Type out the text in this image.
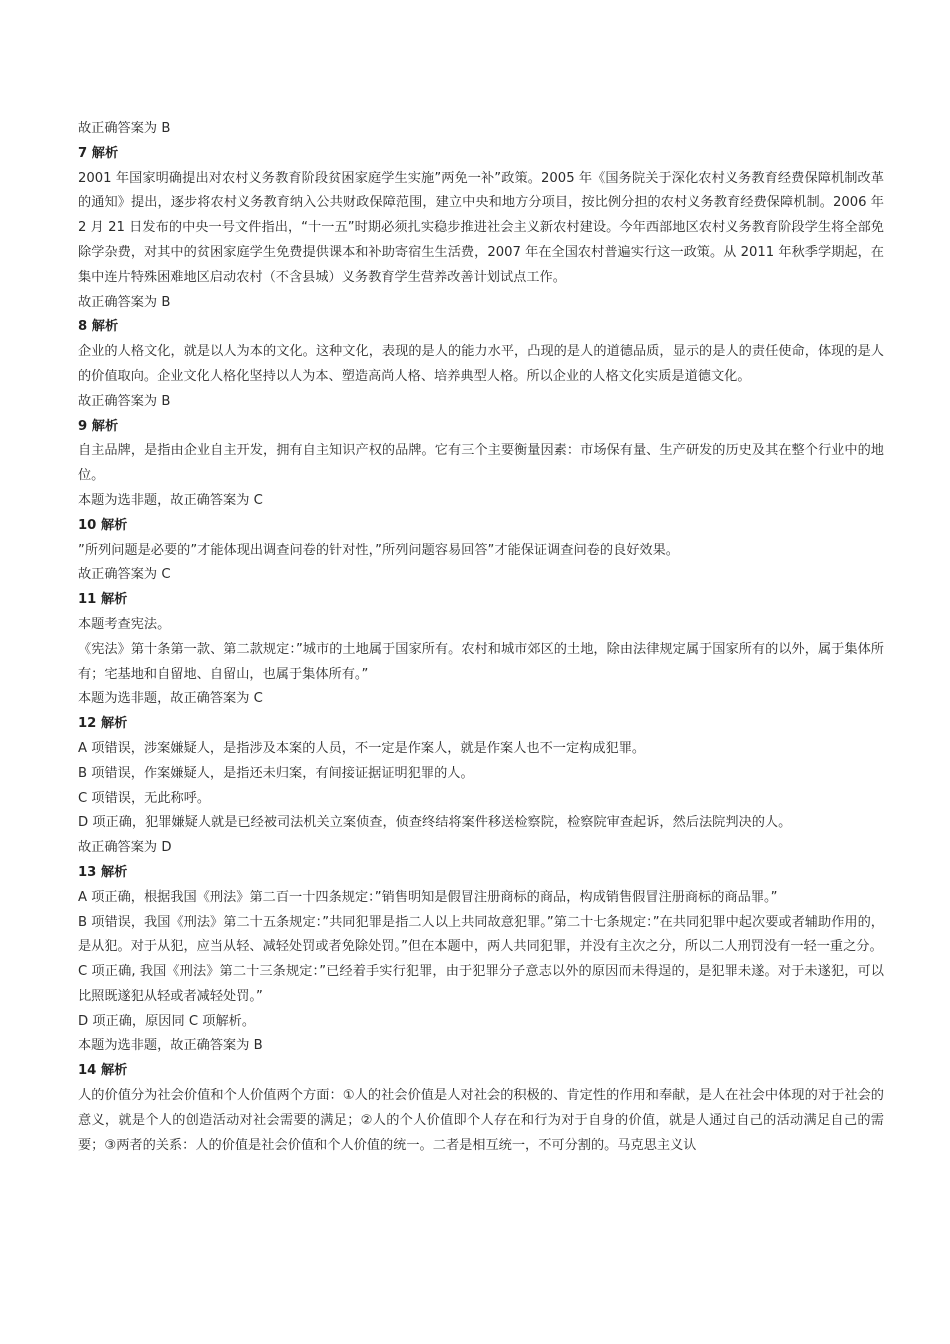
故正确答案为 B

7 解析

2001 年国家明确提出对农村义务教育阶段贫困家庭学生实施”两免一补”政策。2005 年《国务院关于深化农村义务教育经费保障机制改革的通知》提出，逐步将农村义务教育纳入公共财政保障范围，建立中央和地方分项目，按比例分担的农村义务教育经费保障机制。2006 年 2 月 21 日发布的中央一号文件指出，“十一五”时期必须扎实稳步推进社会主义新农村建设。今年西部地区农村义务教育阶段学生将全部免除学杂费，对其中的贫困家庭学生免费提供课本和补助寄宿生生活费，2007 年在全国农村普遍实行这一政策。从 2011 年秋季学期起，在集中连片特殊困难地区启动农村（不含县城）义务教育学生营养改善计划试点工作。

故正确答案为 B

8 解析

企业的人格文化，就是以人为本的文化。这种文化，表现的是人的能力水平，凸现的是人的道德品质，显示的是人的责任使命，体现的是人的价值取向。企业文化人格化坚持以人为本、塑造高尚人格、培养典型人格。所以企业的人格文化实质是道德文化。

故正确答案为 B

9 解析

自主品牌，是指由企业自主开发，拥有自主知识产权的品牌。它有三个主要衡量因素：市场保有量、生产研发的历史及其在整个行业中的地位。

本题为选非题，故正确答案为 C

10 解析

”所列问题是必要的”才能体现出调查问卷的针对性，”所列问题容易回答”才能保证调查问卷的良好效果。

故正确答案为 C

11 解析

本题考查宪法。

《宪法》第十条第一款、第二款规定：”城市的土地属于国家所有。农村和城市郊区的土地，除由法律规定属于国家所有的以外，属于集体所有；宅基地和自留地、自留山，也属于集体所有。”

本题为选非题，故正确答案为 C

12 解析

A 项错误，涉案嫌疑人，是指涉及本案的人员，不一定是作案人，就是作案人也不一定构成犯罪。

B 项错误，作案嫌疑人，是指还未归案，有间接证据证明犯罪的人。

C 项错误，无此称呼。

D 项正确，犯罪嫌疑人就是已经被司法机关立案侦查，侦查终结将案件移送检察院，检察院审查起诉，然后法院判决的人。

故正确答案为 D

13 解析

A 项正确，根据我国《刑法》第二百一十四条规定：”销售明知是假冒注册商标的商品，构成销售假冒注册商标的商品罪。”

B 项错误，我国《刑法》第二十五条规定：”共同犯罪是指二人以上共同故意犯罪。”第二十七条规定：”在共同犯罪中起次要或者辅助作用的，是从犯。对于从犯，应当从轻、减轻处罚或者免除处罚。”但在本题中，两人共同犯罪，并没有主次之分，所以二人刑罚没有一轻一重之分。

C 项正确, 我国《刑法》第二十三条规定：”已经着手实行犯罪，由于犯罪分子意志以外的原因而未得逞的，是犯罪未遂。对于未遂犯，可以比照既遂犯从轻或者减轻处罚。”

D 项正确，原因同 C 项解析。

本题为选非题，故正确答案为 B

14 解析

人的价值分为社会价值和个人价值两个方面：①人的社会价值是人对社会的积极的、肯定性的作用和奉献，是人在社会中体现的对于社会的意义，就是个人的创造活动对社会需要的满足；②人的个人价值即个人存在和行为对于自身的价值，就是人通过自己的活动满足自己的需要；③两者的关系：人的价值是社会价值和个人价值的统一。二者是相互统一，不可分割的。马克思主义认
